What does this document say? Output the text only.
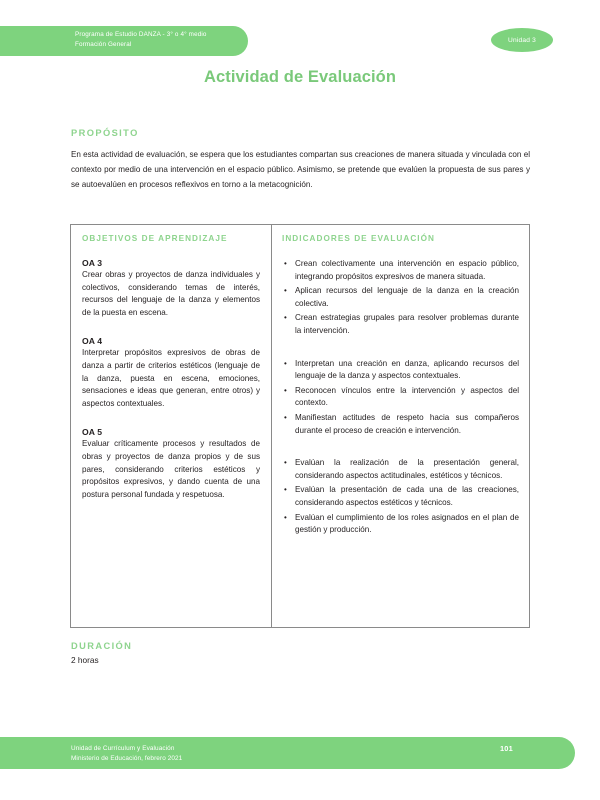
Programa de Estudio DANZA - 3° o 4° medio
Formación General
Unidad 3
Actividad de Evaluación
PROPÓSITO
En esta actividad de evaluación, se espera que los estudiantes compartan sus creaciones de manera situada y vinculada con el contexto por medio de una intervención en el espacio público. Asimismo, se pretende que evalúen la propuesta de sus pares y se autoevalúen en procesos reflexivos en torno a la metacognición.
OBJETIVOS DE APRENDIZAJE
OA 3
Crear obras y proyectos de danza individuales y colectivos, considerando temas de interés, recursos del lenguaje de la danza y elementos de la puesta en escena.
OA 4
Interpretar propósitos expresivos de obras de danza a partir de criterios estéticos (lenguaje de la danza, puesta en escena, emociones, sensaciones e ideas que generan, entre otros) y aspectos contextuales.
OA 5
Evaluar críticamente procesos y resultados de obras y proyectos de danza propios y de sus pares, considerando criterios estéticos y propósitos expresivos, y dando cuenta de una postura personal fundada y respetuosa.
INDICADORES DE EVALUACIÓN
• Crean colectivamente una intervención en espacio público, integrando propósitos expresivos de manera situada.
• Aplican recursos del lenguaje de la danza en la creación colectiva.
• Crean estrategias grupales para resolver problemas durante la intervención.
• Interpretan una creación en danza, aplicando recursos del lenguaje de la danza y aspectos contextuales.
• Reconocen vínculos entre la intervención y aspectos del contexto.
• Manifiestan actitudes de respeto hacia sus compañeros durante el proceso de creación e intervención.
• Evalúan la realización de la presentación general, considerando aspectos actitudinales, estéticos y técnicos.
• Evalúan la presentación de cada una de las creaciones, considerando aspectos estéticos y técnicos.
• Evalúan el cumplimiento de los roles asignados en el plan de gestión y producción.
DURACIÓN
2 horas
Unidad de Currículum y Evaluación
Ministerio de Educación, febrero 2021
101
